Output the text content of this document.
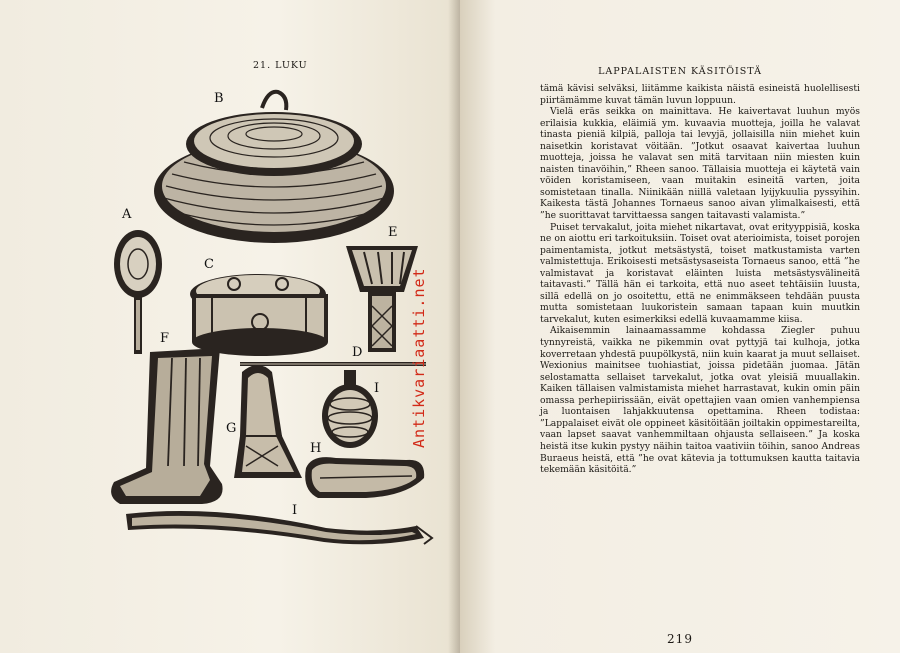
21. LUKU
B
A
C
E
D
F
G
I
H
I
LAPPALAISTEN KÄSITÖISTÄ

tämä kävisi selväksi, liitämme kaikista näistä esineistä huolellisesti piirtämämme kuvat tämän luvun loppuun.

Vielä eräs seikka on mainittava. He kaivertavat luuhun myös erilaisia kukkia, eläimiä ym. kuvaavia muotteja, joilla he valavat tinasta pieniä kilpiä, palloja tai levyjä, jollaisilla niin miehet kuin naisetkin koristavat vöitään. ”Jotkut osaavat kaivertaa luuhun muotteja, joissa he valavat sen mitä tarvitaan niin miesten kuin naisten tinavöihin,” Rheen sanoo. Tällaisia muotteja ei käytetä vain vöiden koristamiseen, vaan muitakin esineitä varten, joita somistetaan tinalla. Niinikään niillä valetaan lyijykuulia pyssyihin. Kaikesta tästä Johannes Tornaeus sanoo aivan ylimalkaisesti, että ”he suorittavat tarvittaessa sangen taitavasti valamista.”

Puiset tervakalut, joita miehet nikartavat, ovat erityyppisiä, koska ne on aiottu eri tarkoituksiin. Toiset ovat aterioimista, toiset porojen paimentamista, jotkut metsästystä, toiset matkustamista varten valmistettuja. Erikoisesti metsästysaseista Tornaeus sanoo, että ”he valmistavat ja koristavat eläinten luista metsästysvälineitä taitavasti.” Tällä hän ei tarkoita, että nuo aseet tehtäisiin luusta, sillä edellä on jo osoitettu, että ne enimmäkseen tehdään puusta mutta somistetaan luukoristein samaan tapaan kuin muutkin tarvekalut, kuten esimerkiksi edellä kuvaamamme kiisa.

Aikaisemmin lainaamassamme kohdassa Ziegler puhuu tynnyreistä, vaikka ne pikemmin ovat pyttyjä tai kulhoja, jotka koverretaan yhdestä puupölkystä, niin kuin kaarat ja muut sellaiset. Wexionius mainitsee tuohiastiat, joissa pidetään juomaa. Jätän selostamatta sellaiset tarvekalut, jotka ovat yleisiä muuallakin. Kaiken tällaisen valmistamista miehet harrastavat, kukin omin päin omassa perhepiirissään, eivät opettajien vaan omien vanhempiensa ja luontaisen lahjakkuutensa opettamina. Rheen todistaa: ”Lappalaiset eivät ole oppineet käsitöitään joiltakin oppimestareilta, vaan lapset saavat vanhemmiltaan ohjausta sellaiseen.” Ja koska heistä itse kukin pystyy näihin taitoa vaativiin töihin, sanoo Andreas Buraeus heistä, että ”he ovat kätevia ja tottumuksen kautta taitavia tekemään käsitöitä.”

219
Antikvariaatti.net
